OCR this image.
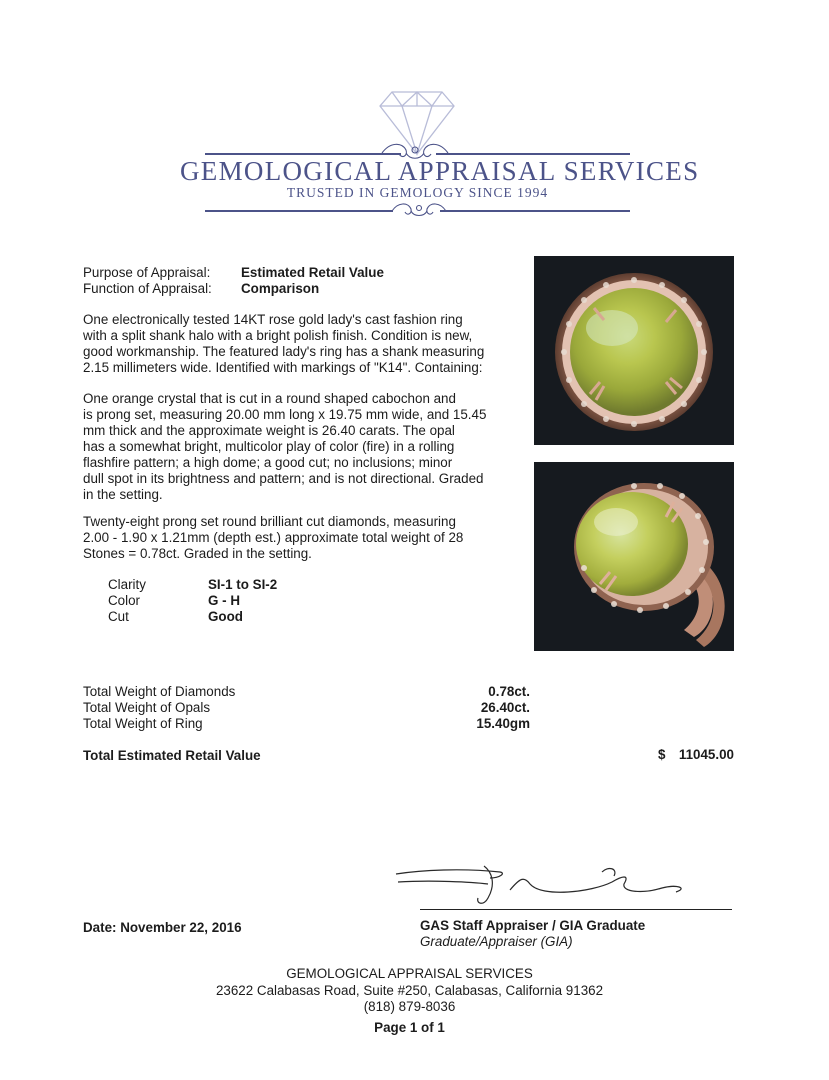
GEMOLOGICAL APPRAISAL SERVICES
TRUSTED IN GEMOLOGY SINCE 1994
Purpose of Appraisal: Estimated Retail Value
Function of Appraisal: Comparison
One electronically tested 14KT rose gold lady's cast fashion ring
with a split shank halo with a bright polish finish. Condition is new,
good workmanship. The featured lady's ring has a shank measuring
2.15 millimeters wide. Identified with markings of "K14". Containing:
One orange crystal that is cut in a round shaped cabochon and
is prong set, measuring 20.00 mm long x 19.75 mm wide, and 15.45
mm thick and the approximate weight is 26.40 carats. The opal
has a somewhat bright, multicolor play of color (fire) in a rolling
flashfire pattern; a high dome; a good cut; no inclusions; minor
dull spot in its brightness and pattern; and is not directional. Graded
in the setting.
Twenty-eight prong set round brilliant cut diamonds, measuring
2.00 - 1.90 x 1.21mm (depth est.) approximate total weight of 28
Stones = 0.78ct. Graded in the setting.
Clarity	SI-1 to SI-2
Color	G - H
Cut	Good
Total Weight of Diamonds	0.78ct.
Total Weight of Opals	26.40ct.
Total Weight of Ring	15.40gm
Total Estimated Retail Value	$	11045.00
Date: November 22, 2016	GAS Staff Appraiser / GIA Graduate
Graduate/Appraiser (GIA)
GEMOLOGICAL APPRAISAL SERVICES
23622 Calabasas Road, Suite #250, Calabasas, California 91362
(818) 879-8036
Page 1 of 1
